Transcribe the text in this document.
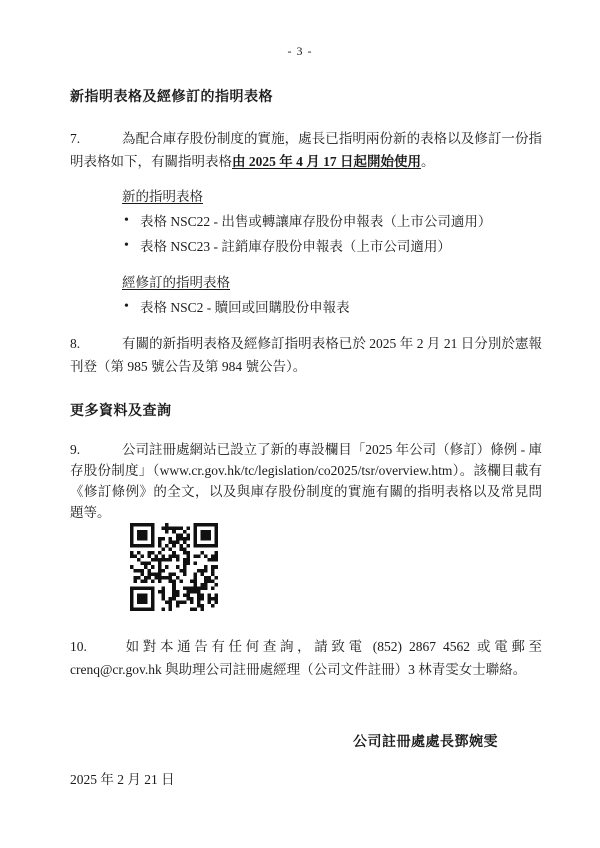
- 3 -
新指明表格及經修訂的指明表格

7.	為配合庫存股份制度的實施，處長已指明兩份新的表格以及修訂一份指明表格如下，有關指明表格由 2025 年 4 月 17 日起開始使用。

新的指明表格
• 表格 NSC22 - 出售或轉讓庫存股份申報表（上市公司適用）
• 表格 NSC23 - 註銷庫存股份申報表（上市公司適用）
經修訂的指明表格
• 表格 NSC2 - 贖回或回購股份申報表

8.	有關的新指明表格及經修訂指明表格已於 2025 年 2 月 21 日分別於憲報刊登（第 985 號公告及第 984 號公告）。

更多資料及查詢

9.	公司註冊處網站已設立了新的專設欄目「2025 年公司（修訂）條例 - 庫存股份制度」（www.cr.gov.hk/tc/legislation/co2025/tsr/overview.htm）。該欄目載有《修訂條例》的全文，以及與庫存股份制度的實施有關的指明表格以及常見問題等。

10.	如對本通告有任何查詢，請致電 (852) 2867 4562 或電郵至 crenq@cr.gov.hk 與助理公司註冊處經理（公司文件註冊）3 林青雯女士聯絡。

公司註冊處處長鄧婉雯
2025 年 2 月 21 日
